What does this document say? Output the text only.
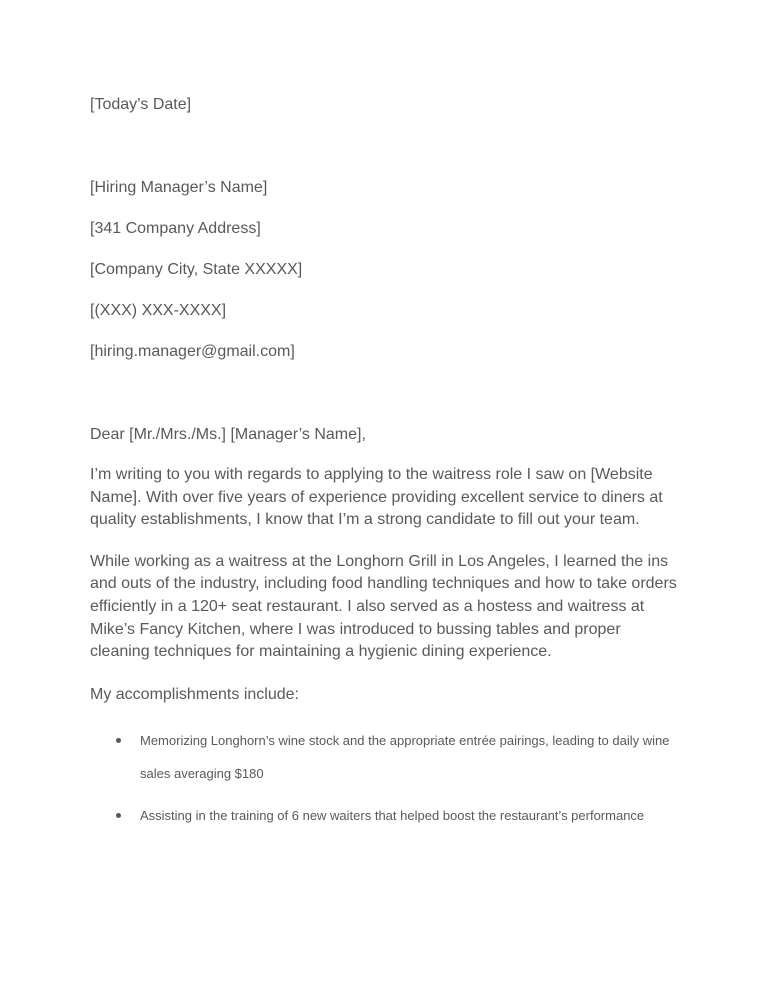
[Today’s Date]
[Hiring Manager’s Name]
[341 Company Address]
[Company City, State XXXXX]
[(XXX) XXX-XXXX]
[hiring.manager@gmail.com]
Dear [Mr./Mrs./Ms.] [Manager’s Name],
I’m writing to you with regards to applying to the waitress role I saw on [Website Name]. With over five years of experience providing excellent service to diners at quality establishments, I know that I’m a strong candidate to fill out your team.
While working as a waitress at the Longhorn Grill in Los Angeles, I learned the ins and outs of the industry, including food handling techniques and how to take orders efficiently in a 120+ seat restaurant. I also served as a hostess and waitress at Mike’s Fancy Kitchen, where I was introduced to bussing tables and proper cleaning techniques for maintaining a hygienic dining experience.
My accomplishments include:
Memorizing Longhorn’s wine stock and the appropriate entrée pairings, leading to daily wine sales averaging $180
Assisting in the training of 6 new waiters that helped boost the restaurant’s performance
